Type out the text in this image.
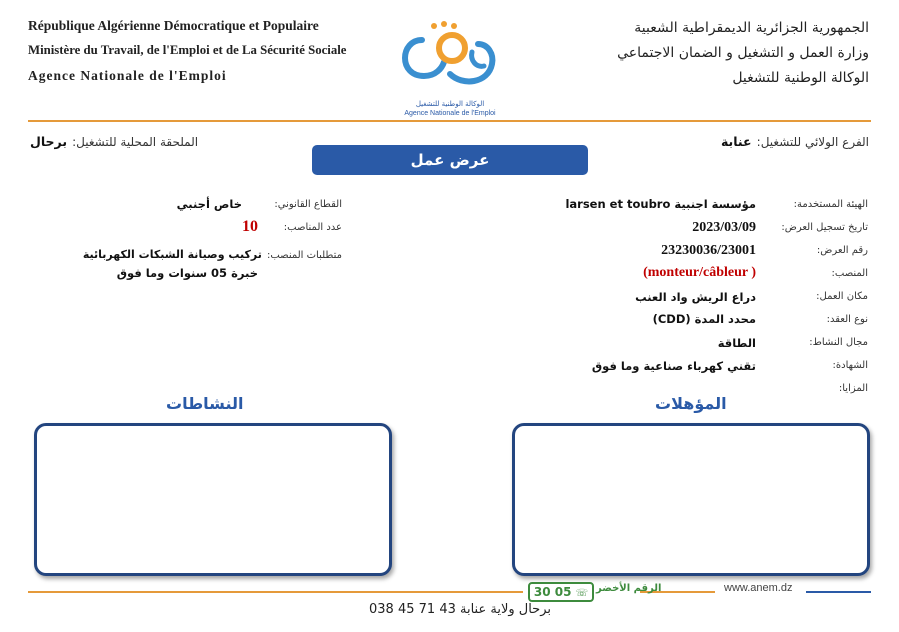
République Algérienne Démocratique et Populaire
Ministère du Travail, de l'Emploi et de La Sécurité Sociale
Agence Nationale de l'Emploi
الجمهورية الجزائرية الديمقراطية الشعبية
وزارة العمل و التشغيل و الضمان الاجتماعي
الوكالة الوطنية للتشغيل
الوكالة الوطنية للتشغيل
Agence Nationale de l'Emploi
الفرع الولائي للتشغيل: عنابة
الملحقة المحلية للتشغيل: برحال
عرض عمل
الهيئة المستخدمة:
تاريخ تسجيل العرض:
رقم العرض:
المنصب:
مكان العمل:
نوع العقد:
مجال النشاط:
الشهادة:
المزايا:
مؤسسة اجنبية larsen et toubro
2023/03/09
23230036/23001
(monteur/câbleur )
دراع الريش واد العنب
محدد المدة (CDD)
الطاقة
تقني كهرباء صناعية وما فوق
القطاع القانوني:
عدد المناصب:
متطلبات المنصب: تركيب وصيانة الشبكات الكهربائية
خاص أجنبي
10
خبرة 05 سنوات وما فوق
المؤهلات
النشاطات
30 05 ☏ الرقم الأخضر	www.anem.dz
برحال ولاية عنابة 43 71 45 038
